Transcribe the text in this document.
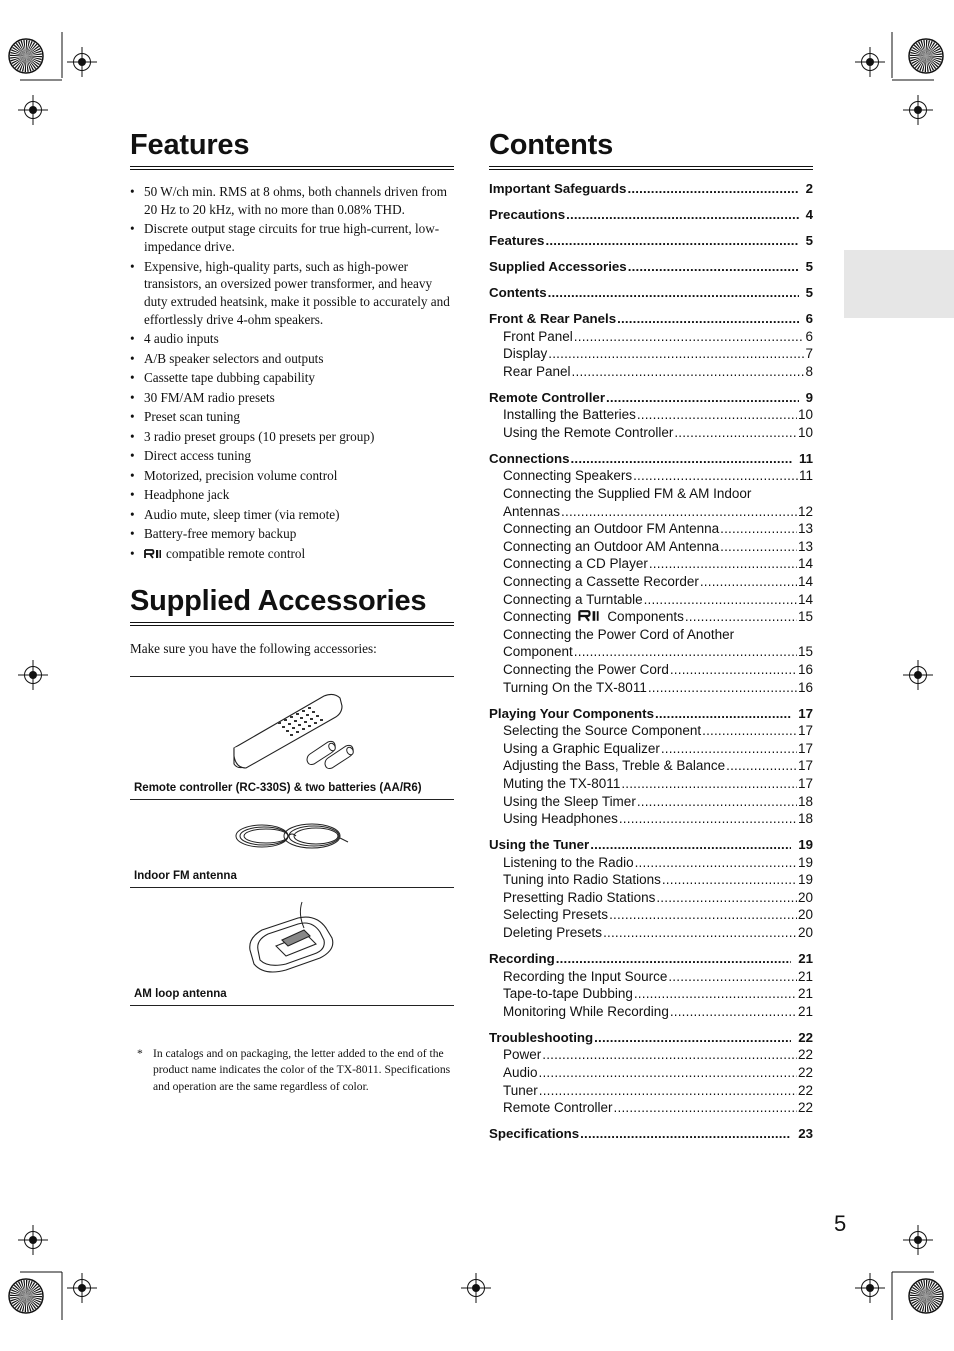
Features
• 50 W/ch min. RMS at 8 ohms, both channels driven from 20 Hz to 20 kHz, with no more than 0.08% THD.
• Discrete output stage circuits for true high-current, low-impedance drive.
• Expensive, high-quality parts, such as high-power transistors, an oversized power transformer, and heavy duty extruded heatsink, make it possible to accurately and effortlessly drive 4-ohm speakers.
• 4 audio inputs
• A/B speaker selectors and outputs
• Cassette tape dubbing capability
• 30 FM/AM radio presets
• Preset scan tuning
• 3 radio preset groups (10 presets per group)
• Direct access tuning
• Motorized, precision volume control
• Headphone jack
• Audio mute, sleep timer (via remote)
• Battery-free memory backup
• compatible remote control
Supplied Accessories
Make sure you have the following accessories:
Remote controller (RC-330S) & two batteries (AA/R6)
Indoor FM antenna
AM loop antenna
* In catalogs and on packaging, the letter added to the end of the product name indicates the color of the TX-8011. Specifications and operation are the same regardless of color.
Contents
Important Safeguards .....	2
Precautions .....	4
Features .....	5
Supplied Accessories .....	5
Contents .....	5
Front & Rear Panels .....	6
Front Panel .....	6
Display .....	7
Rear Panel .....	8
Remote Controller .....	9
Installing the Batteries .....	10
Using the Remote Controller .....	10
Connections .....	11
Connecting Speakers .....	11
Connecting the Supplied FM & AM Indoor
Antennas .....	12
Connecting an Outdoor FM Antenna .....	13
Connecting an Outdoor AM Antenna .....	13
Connecting a CD Player .....	14
Connecting a Cassette Recorder .....	14
Connecting a Turntable .....	14
Connecting	Components .....	15
Connecting the Power Cord of Another
Component .....	15
Connecting the Power Cord .....	16
Turning On the TX-8011 .....	16
Playing Your Components .....	17
Selecting the Source Component .....	17
Using a Graphic Equalizer .....	17
Adjusting the Bass, Treble & Balance .....	17
Muting the TX-8011 .....	17
Using the Sleep Timer .....	18
Using Headphones .....	18
Using the Tuner .....	19
Listening to the Radio .....	19
Tuning into Radio Stations .....	19
Presetting Radio Stations .....	20
Selecting Presets .....	20
Deleting Presets .....	20
Recording .....	21
Recording the Input Source .....	21
Tape-to-tape Dubbing .....	21
Monitoring While Recording .....	21
Troubleshooting .....	22
Power .....	22
Audio .....	22
Tuner .....	22
Remote Controller .....	22
Specifications .....	23
5
